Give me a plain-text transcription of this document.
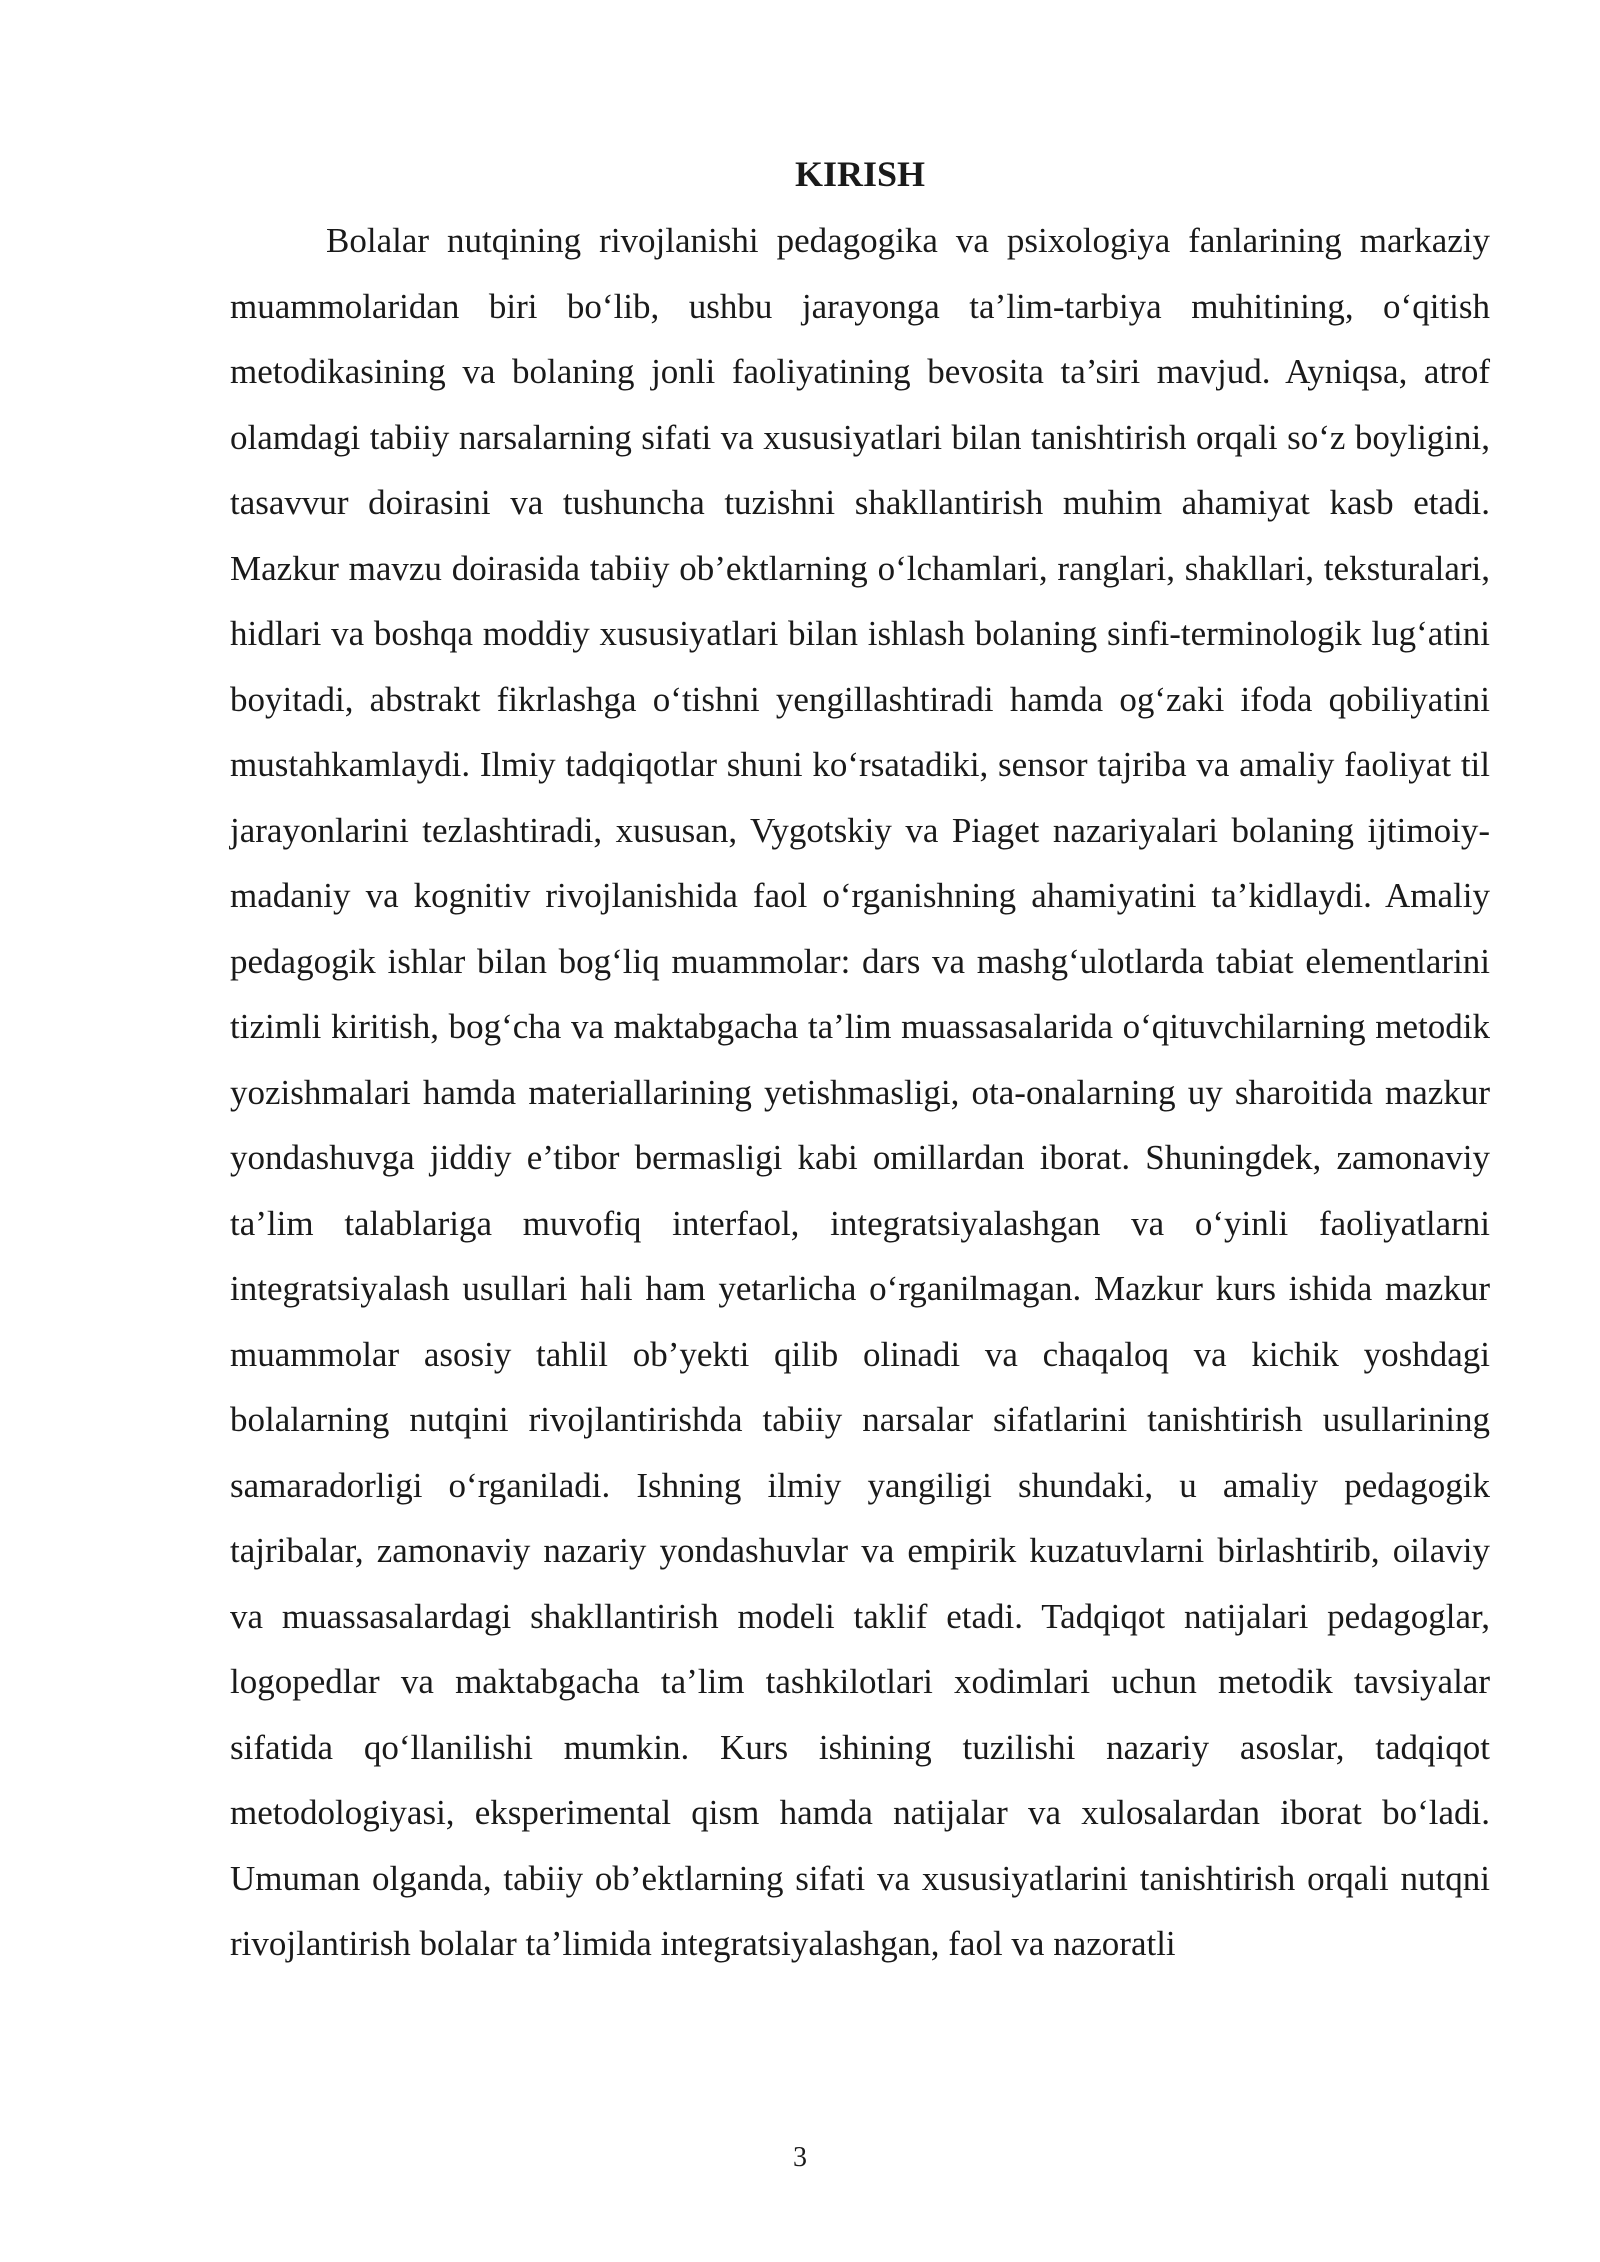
KIRISH

Bolalar nutqining rivojlanishi pedagogika va psixologiya fanlarining markaziy muammolaridan biri boʻlib, ushbu jarayonga ta’lim-tarbiya muhitining, oʻqitish metodikasining va bolaning jonli faoliyatining bevosita ta’siri mavjud. Ayniqsa, atrof olamdagi tabiiy narsalarning sifati va xususiyatlari bilan tanishtirish orqali soʻz boyligini, tasavvur doirasini va tushuncha tuzishni shakllantirish muhim ahamiyat kasb etadi. Mazkur mavzu doirasida tabiiy ob’ektlarning oʻlchamlari, ranglari, shakllari, teksturalari, hidlari va boshqa moddiy xususiyatlari bilan ishlash bolaning sinfi-terminologik lugʻatini boyitadi, abstrakt fikrlashga oʻtishni yengillashtiradi hamda ogʻzaki ifoda qobiliyatini mustahkamlaydi. Ilmiy tadqiqotlar shuni koʻrsatadiki, sensor tajriba va amaliy faoliyat til jarayonlarini tezlashtiradi, xususan, Vygotskiy va Piaget nazariyalari bolaning ijtimoiy-madaniy va kognitiv rivojlanishida faol oʻrganishning ahamiyatini ta’kidlaydi. Amaliy pedagogik ishlar bilan bogʻliq muammolar: dars va mashgʻulotlarda tabiat elementlarini tizimli kiritish, bogʻcha va maktabgacha ta’lim muassasalarida oʻqituvchilarning metodik yozishmalari hamda materiallarining yetishmasligi, ota-onalarning uy sharoitida mazkur yondashuvga jiddiy e’tibor bermasligi kabi omillardan iborat. Shuningdek, zamonaviy ta’lim talablariga muvofiq interfaol, integratsiyalashgan va oʻyinli faoliyatlarni integratsiyalash usullari hali ham yetarlicha oʻrganilmagan. Mazkur kurs ishida mazkur muammolar asosiy tahlil ob’yekti qilib olinadi va chaqaloq va kichik yoshdagi bolalarning nutqini rivojlantirishda tabiiy narsalar sifatlarini tanishtirish usullarining samaradorligi oʻrganiladi. Ishning ilmiy yangiligi shundaki, u amaliy pedagogik tajribalar, zamonaviy nazariy yondashuvlar va empirik kuzatuvlarni birlashtirib, oilaviy va muassasalardagi shakllantirish modeli taklif etadi. Tadqiqot natijalari pedagoglar, logopedlar va maktabgacha ta’lim tashkilotlari xodimlari uchun metodik tavsiyalar sifatida qoʻllanilishi mumkin. Kurs ishining tuzilishi nazariy asoslar, tadqiqot metodologiyasi, eksperimental qism hamda natijalar va xulosalardan iborat boʻladi. Umuman olganda, tabiiy ob’ektlarning sifati va xususiyatlarini tanishtirish orqali nutqni rivojlantirish bolalar ta’limida integratsiyalashgan, faol va nazoratli

3
